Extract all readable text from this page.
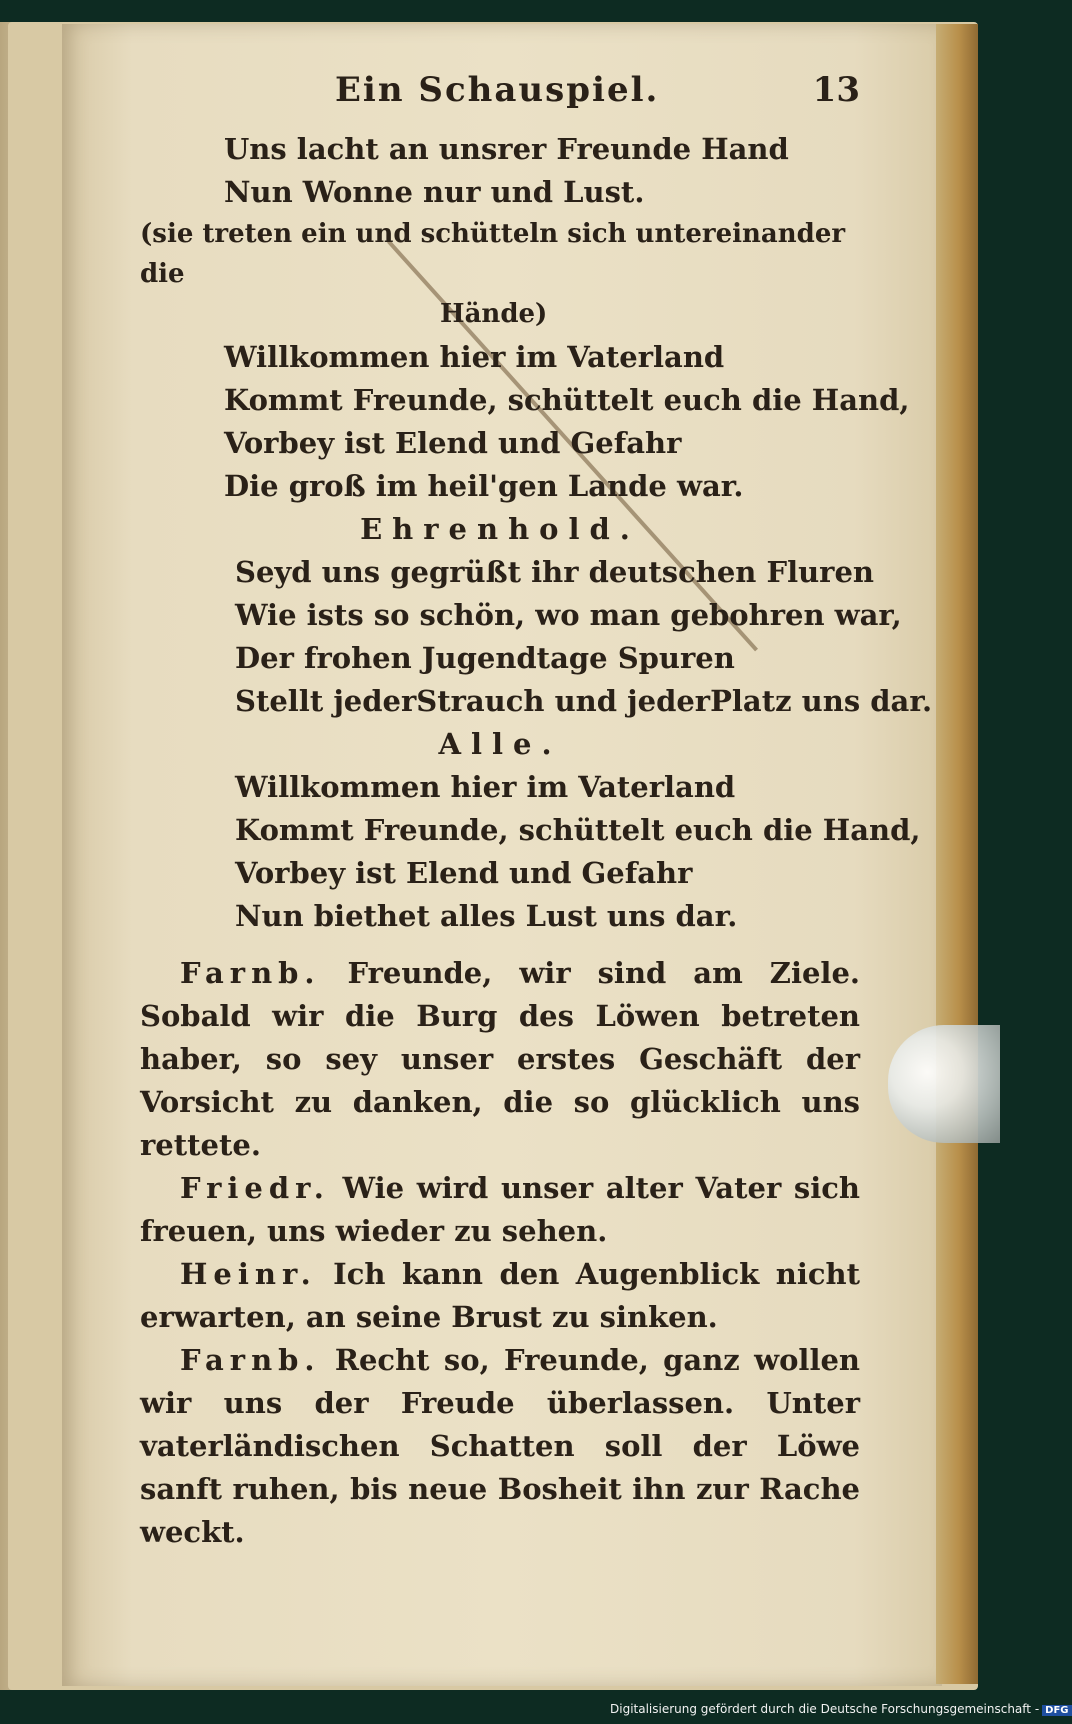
Ein Schauspiel.	13
Uns lacht an unsrer Freunde Hand
Nun Wonne nur und Lust.
(sie treten ein und schütteln sich untereinander die
Hände)
Willkommen hier im Vaterland
Kommt Freunde, schüttelt euch die Hand,
Vorbey ist Elend und Gefahr
Die groß im heil'gen Lande war.
Ehrenhold.
Seyd uns gegrüßt ihr deutschen Fluren
Wie ists so schön, wo man gebohren war,
Der frohen Jugendtage Spuren
Stellt jederStrauch und jederPlatz uns dar.
Alle.
Willkommen hier im Vaterland
Kommt Freunde, schüttelt euch die Hand,
Vorbey ist Elend und Gefahr
Nun biethet alles Lust uns dar.

Farnb. Freunde, wir sind am Ziele. Sobald wir die Burg des Löwen betreten haber, so sey unser erstes Geschäft der Vorsicht zu danken, die so glücklich uns rettete.

Friedr. Wie wird unser alter Vater sich freuen, uns wieder zu sehen.

Heinr. Ich kann den Augenblick nicht erwarten, an seine Brust zu sinken.

Farnb. Recht so, Freunde, ganz wollen wir uns der Freude überlassen. Unter vaterländischen Schatten soll der Löwe sanft ruhen, bis neue Bosheit ihn zur Rache weckt.

Digitalisierung gefördert durch die Deutsche Forschungsgemeinschaft - DFG
